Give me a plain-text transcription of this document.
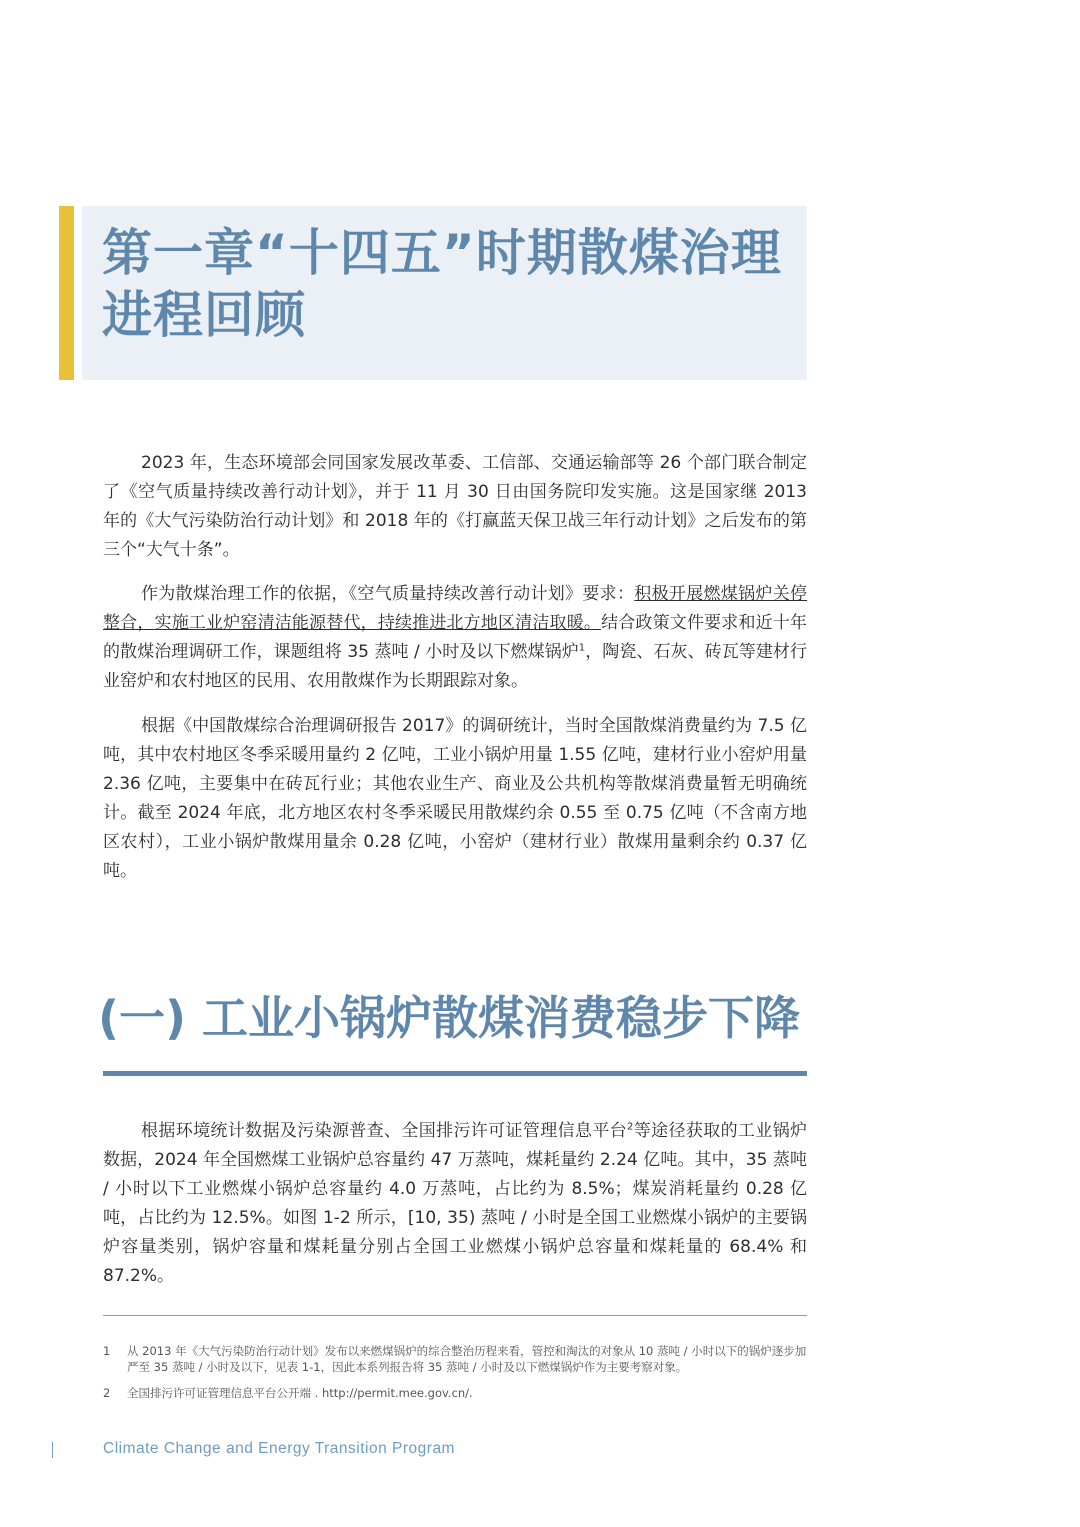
第一章“十四五”时期散煤治理
进程回顾

2023 年，生态环境部会同国家发展改革委、工信部、交通运输部等 26 个部门联合制定了《空气质量持续改善行动计划》，并于 11 月 30 日由国务院印发实施。这是国家继 2013 年的《大气污染防治行动计划》和 2018 年的《打赢蓝天保卫战三年行动计划》之后发布的第三个“大气十条”。

作为散煤治理工作的依据，《空气质量持续改善行动计划》要求：积极开展燃煤锅炉关停整合，实施工业炉窑清洁能源替代，持续推进北方地区清洁取暖。结合政策文件要求和近十年的散煤治理调研工作，课题组将 35 蒸吨 / 小时及以下燃煤锅炉$^1$，陶瓷、石灰、砖瓦等建材行业窑炉和农村地区的民用、农用散煤作为长期跟踪对象。

根据《中国散煤综合治理调研报告 2017》的调研统计，当时全国散煤消费量约为 7.5 亿吨，其中农村地区冬季采暖用量约 2 亿吨，工业小锅炉用量 1.55 亿吨，建材行业小窑炉用量 2.36 亿吨，主要集中在砖瓦行业；其他农业生产、商业及公共机构等散煤消费量暂无明确统计。截至 2024 年底，北方地区农村冬季采暖民用散煤约余 0.55 至 0.75 亿吨（不含南方地区农村），工业小锅炉散煤用量余 0.28 亿吨，小窑炉（建材行业）散煤用量剩余约 0.37 亿吨。

(一) 工业小锅炉散煤消费稳步下降

根据环境统计数据及污染源普查、全国排污许可证管理信息平台$^2$等途径获取的工业锅炉数据，2024 年全国燃煤工业锅炉总容量约 47 万蒸吨，煤耗量约 2.24 亿吨。其中，35 蒸吨 / 小时以下工业燃煤小锅炉总容量约 4.0 万蒸吨，占比约为 8.5%；煤炭消耗量约 0.28 亿吨，占比约为 12.5%。如图 1-2 所示，[10, 35) 蒸吨 / 小时是全国工业燃煤小锅炉的主要锅炉容量类别，锅炉容量和煤耗量分别占全国工业燃煤小锅炉总容量和煤耗量的 68.4% 和 87.2%。

1	从 2013 年《大气污染防治行动计划》发布以来燃煤锅炉的综合整治历程来看，管控和淘汰的对象从 10 蒸吨 / 小时以下的锅炉逐步加严至 35 蒸吨 / 小时及以下，见表 1-1，因此本系列报告将 35 蒸吨 / 小时及以下燃煤锅炉作为主要考察对象。
2	全国排污许可证管理信息平台公开端 . http://permit.mee.gov.cn/.
Climate Change and Energy Transition Program
